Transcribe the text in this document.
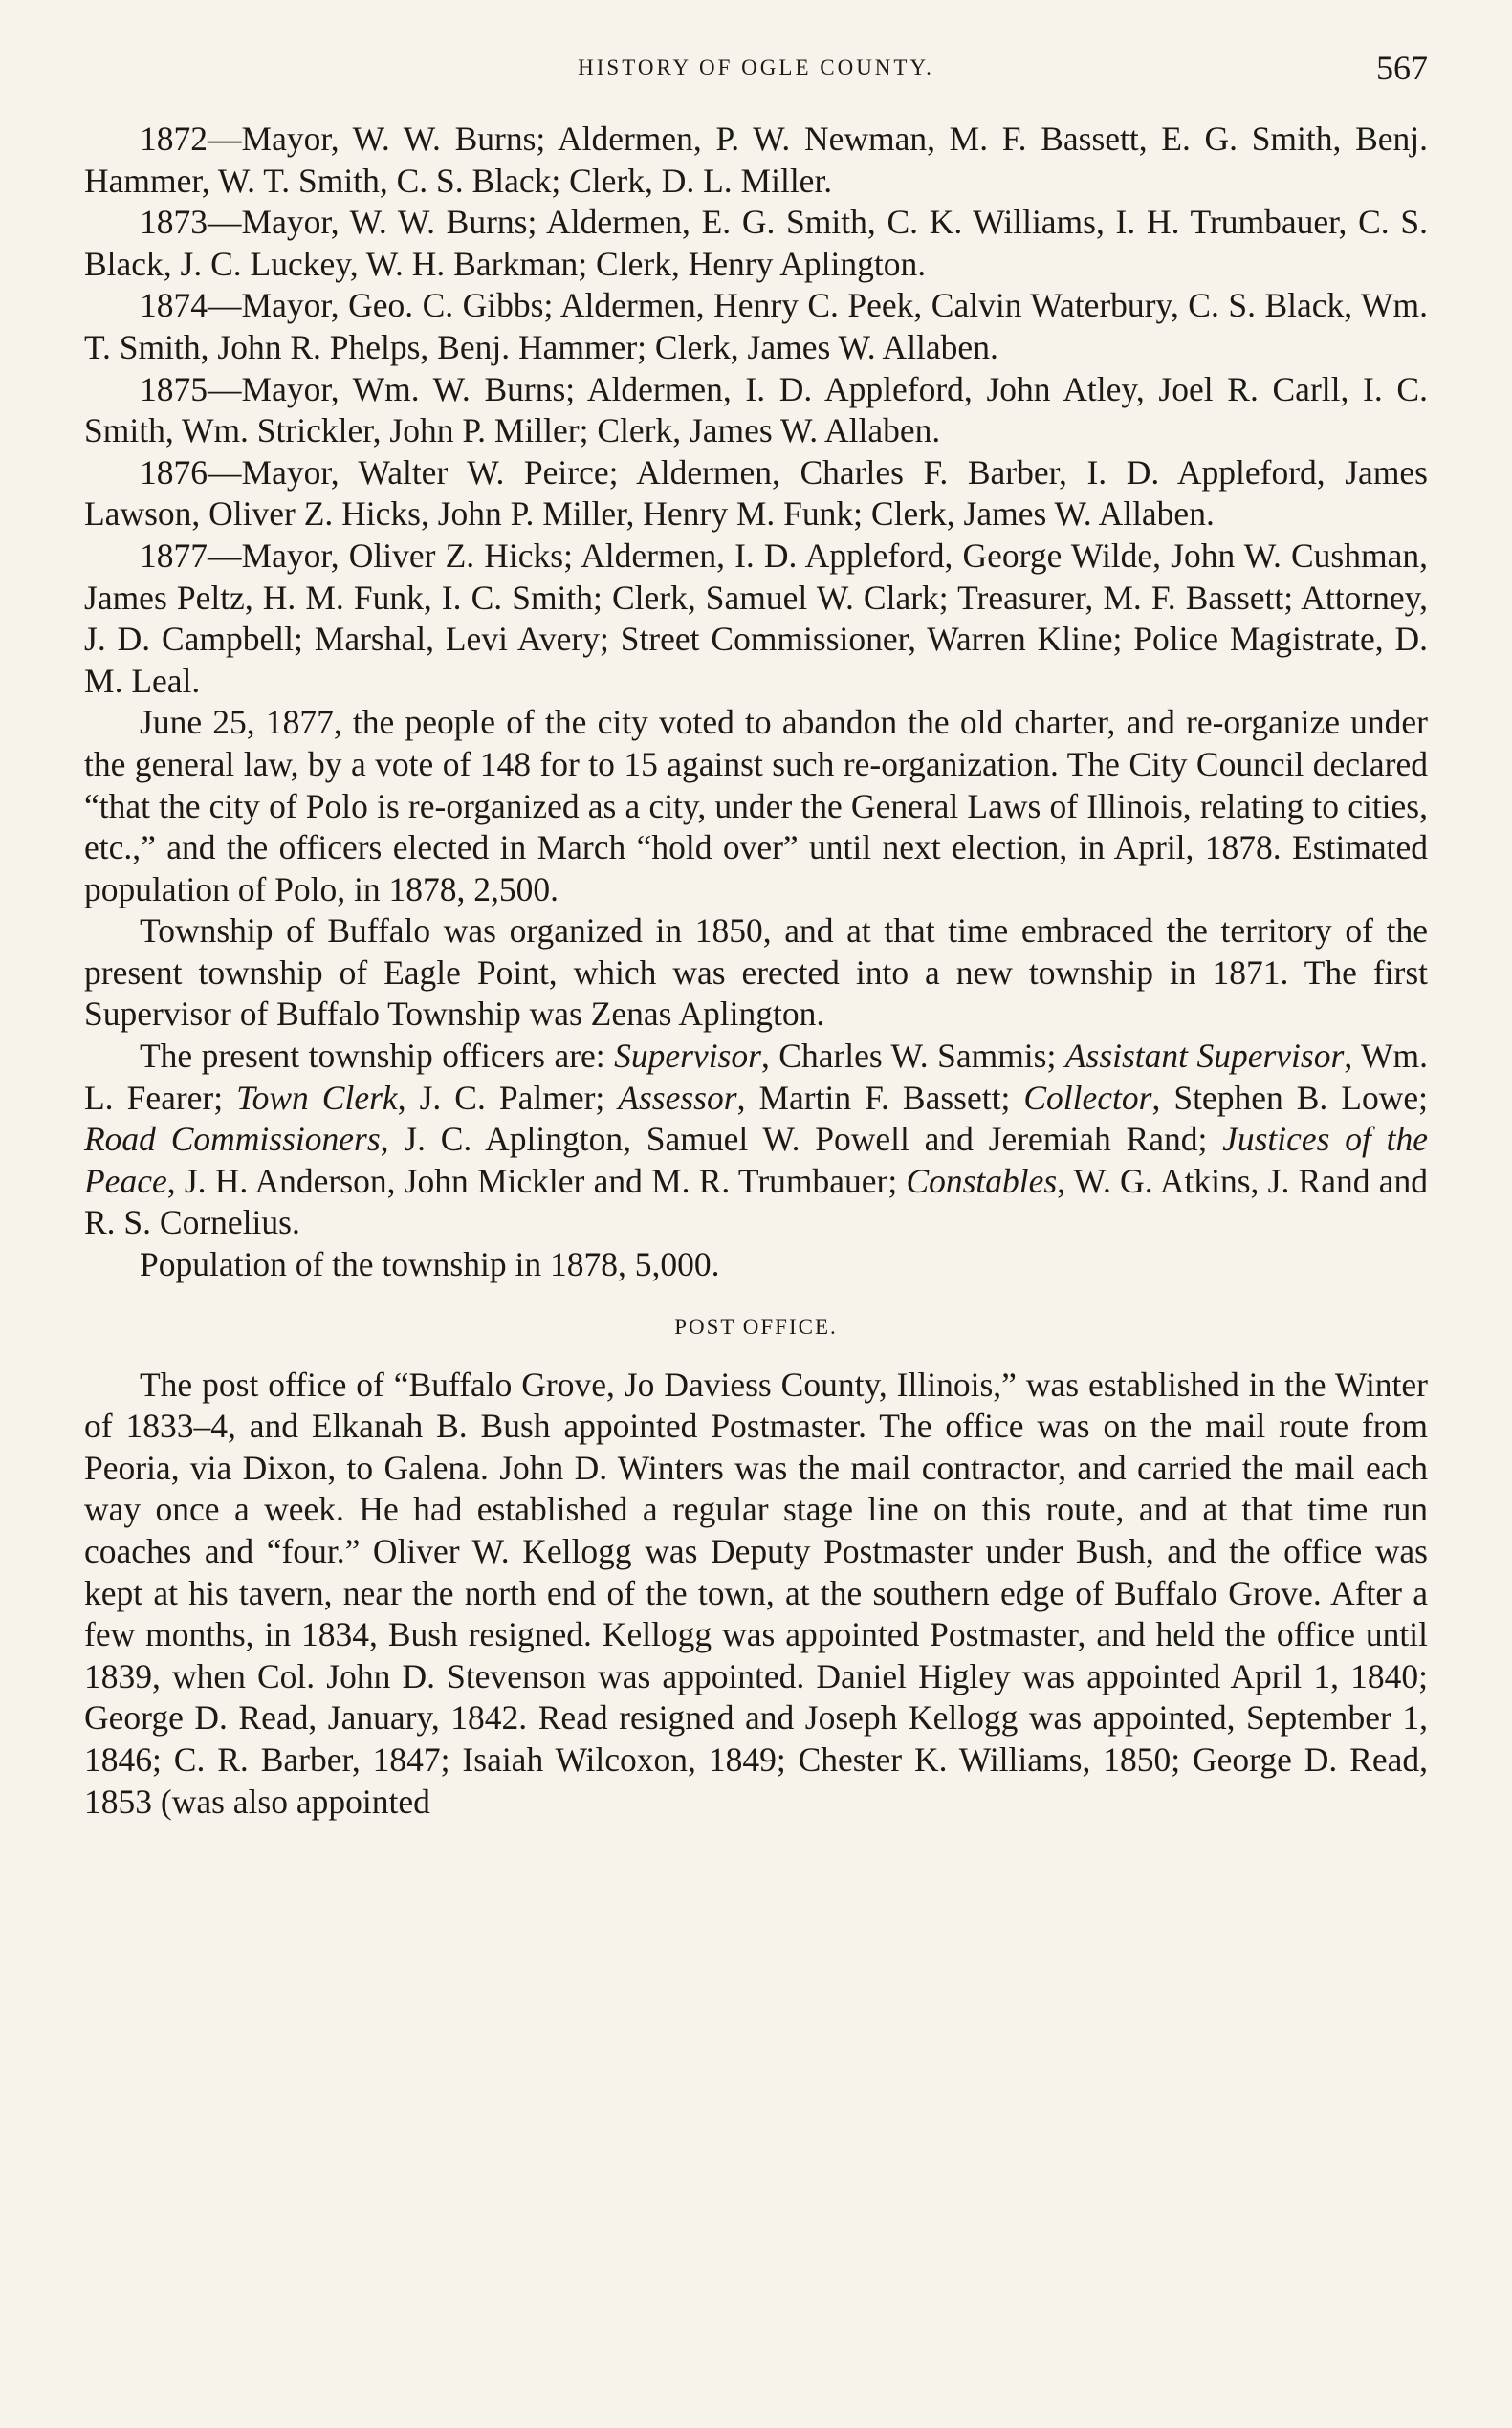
HISTORY OF OGLE COUNTY.	567

1872—Mayor, W. W. Burns; Aldermen, P. W. Newman, M. F. Bassett, E. G. Smith, Benj. Hammer, W. T. Smith, C. S. Black; Clerk, D. L. Miller.

1873—Mayor, W. W. Burns; Aldermen, E. G. Smith, C. K. Williams, I. H. Trumbauer, C. S. Black, J. C. Luckey, W. H. Barkman; Clerk, Henry Aplington.

1874—Mayor, Geo. C. Gibbs; Aldermen, Henry C. Peek, Calvin Waterbury, C. S. Black, Wm. T. Smith, John R. Phelps, Benj. Hammer; Clerk, James W. Allaben.

1875—Mayor, Wm. W. Burns; Aldermen, I. D. Appleford, John Atley, Joel R. Carll, I. C. Smith, Wm. Strickler, John P. Miller; Clerk, James W. Allaben.

1876—Mayor, Walter W. Peirce; Aldermen, Charles F. Barber, I. D. Appleford, James Lawson, Oliver Z. Hicks, John P. Miller, Henry M. Funk; Clerk, James W. Allaben.

1877—Mayor, Oliver Z. Hicks; Aldermen, I. D. Appleford, George Wilde, John W. Cushman, James Peltz, H. M. Funk, I. C. Smith; Clerk, Samuel W. Clark; Treasurer, M. F. Bassett; Attorney, J. D. Campbell; Marshal, Levi Avery; Street Commissioner, Warren Kline; Police Magistrate, D. M. Leal.

June 25, 1877, the people of the city voted to abandon the old charter, and re-organize under the general law, by a vote of 148 for to 15 against such re-organization. The City Council declared “that the city of Polo is re-organized as a city, under the General Laws of Illinois, relating to cities, etc.,” and the officers elected in March “hold over” until next election, in April, 1878. Estimated population of Polo, in 1878, 2,500.

Township of Buffalo was organized in 1850, and at that time embraced the territory of the present township of Eagle Point, which was erected into a new township in 1871. The first Supervisor of Buffalo Township was Zenas Aplington.

The present township officers are: Supervisor, Charles W. Sammis; Assistant Supervisor, Wm. L. Fearer; Town Clerk, J. C. Palmer; Assessor, Martin F. Bassett; Collector, Stephen B. Lowe; Road Commissioners, J. C. Aplington, Samuel W. Powell and Jeremiah Rand; Justices of the Peace, J. H. Anderson, John Mickler and M. R. Trumbauer; Constables, W. G. Atkins, J. Rand and R. S. Cornelius.

Population of the township in 1878, 5,000.

POST OFFICE.

The post office of “Buffalo Grove, Jo Daviess County, Illinois,” was established in the Winter of 1833–4, and Elkanah B. Bush appointed Postmaster. The office was on the mail route from Peoria, via Dixon, to Galena. John D. Winters was the mail contractor, and carried the mail each way once a week. He had established a regular stage line on this route, and at that time run coaches and “four.” Oliver W. Kellogg was Deputy Postmaster under Bush, and the office was kept at his tavern, near the north end of the town, at the southern edge of Buffalo Grove. After a few months, in 1834, Bush resigned. Kellogg was appointed Postmaster, and held the office until 1839, when Col. John D. Stevenson was appointed. Daniel Higley was appointed April 1, 1840; George D. Read, January, 1842. Read resigned and Joseph Kellogg was appointed, September 1, 1846; C. R. Barber, 1847; Isaiah Wilcoxon, 1849; Chester K. Williams, 1850; George D. Read, 1853 (was also appointed
